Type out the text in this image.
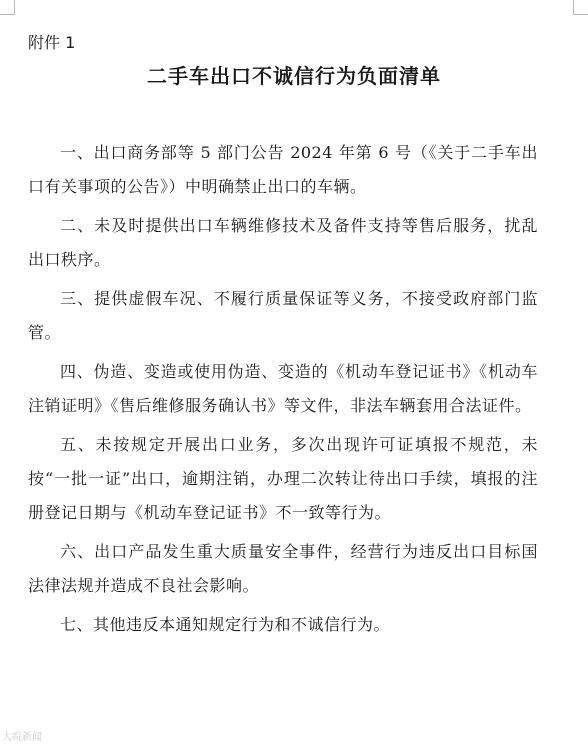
附件 1
二手车出口不诚信行为负面清单

一、出口商务部等 5 部门公告 2024 年第 6 号（《关于二手车出口有关事项的公告》）中明确禁止出口的车辆。

二、未及时提供出口车辆维修技术及备件支持等售后服务，扰乱出口秩序。

三、提供虚假车况、不履行质量保证等义务，不接受政府部门监管。

四、伪造、变造或使用伪造、变造的《机动车登记证书》《机动车注销证明》《售后维修服务确认书》等文件，非法车辆套用合法证件。

五、未按规定开展出口业务，多次出现许可证填报不规范，未按“一批一证”出口，逾期注销，办理二次转让待出口手续，填报的注册登记日期与《机动车登记证书》不一致等行为。

六、出口产品发生重大质量安全事件，经营行为违反出口目标国法律法规并造成不良社会影响。

七、其他违反本通知规定行为和不诚信行为。

大皖新闻
